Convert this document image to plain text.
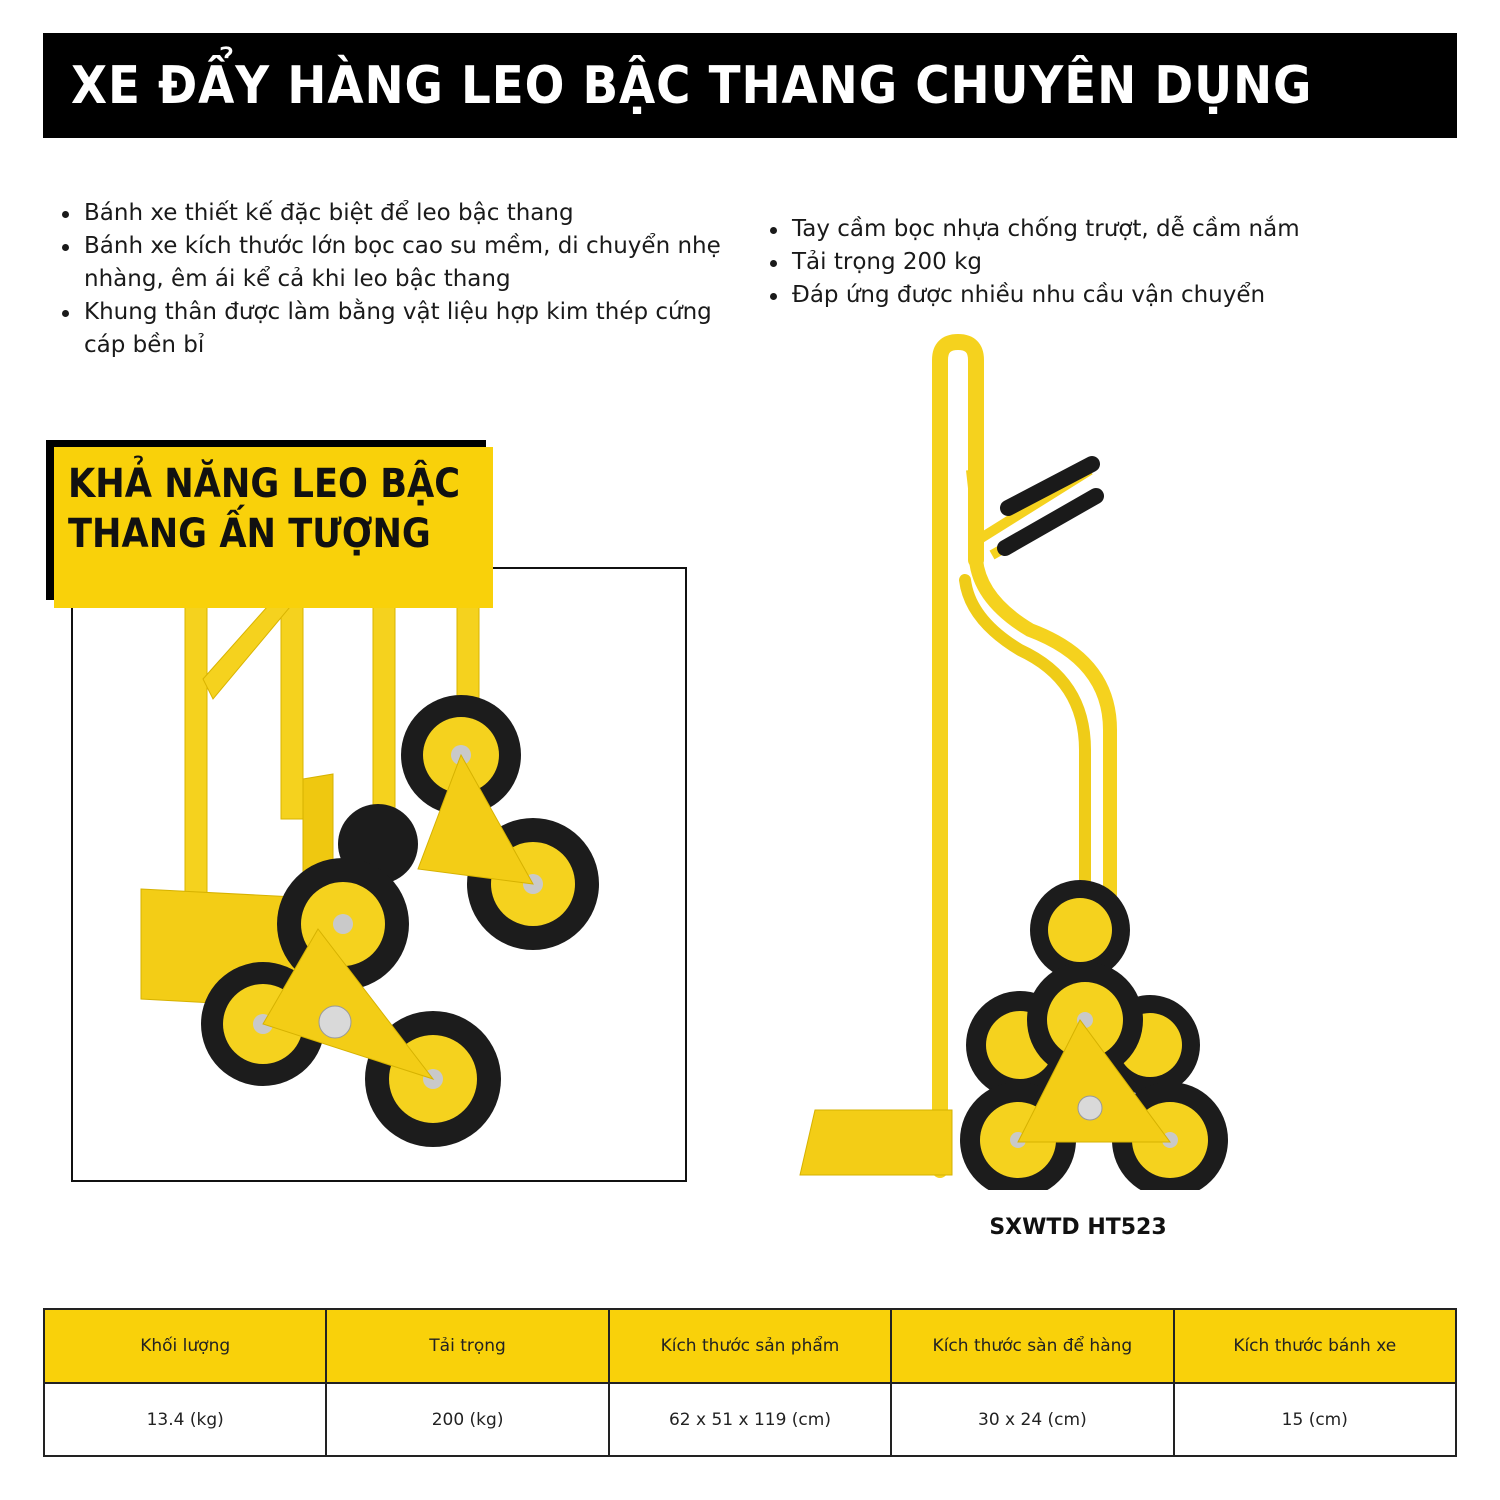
XE ĐẨY HÀNG LEO BẬC THANG CHUYÊN DỤNG
Bánh xe thiết kế đặc biệt để leo bậc thang
Bánh xe kích thước lớn bọc cao su mềm, di chuyển nhẹ nhàng, êm ái kể cả khi leo bậc thang
Khung thân được làm bằng vật liệu hợp kim thép cứng cáp bền bỉ
Tay cầm bọc nhựa chống trượt, dễ cầm nắm
Tải trọng 200 kg
Đáp ứng được nhiều nhu cầu vận chuyển
KHẢ NĂNG LEO BẬC
THANG ẤN TƯỢNG
SXWTD HT523
Khối lượng	Tải trọng	Kích thước sản phẩm	Kích thước sàn để hàng	Kích thước bánh xe
13.4 (kg)	200 (kg)	62 x 51 x 119 (cm)	30 x 24 (cm)	15 (cm)
